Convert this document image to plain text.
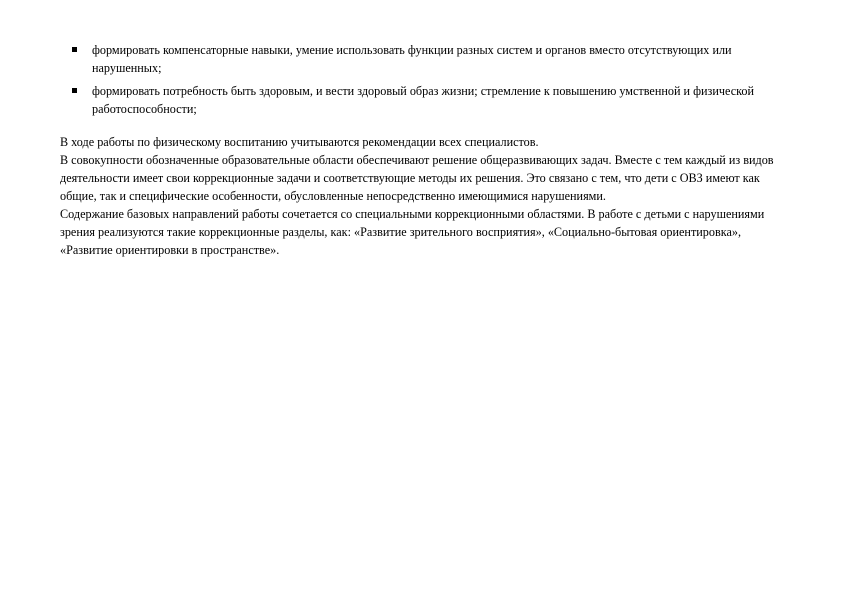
формировать компенсаторные навыки, умение использовать функции разных систем и органов вместо отсутствующих или нарушенных;
формировать потребность быть здоровым, и вести здоровый образ жизни; стремление к повышению умственной и физической работоспособности;

В ходе работы по физическому воспитанию учитываются рекомендации всех специалистов.

В совокупности обозначенные образовательные области обеспечивают решение общеразвивающих задач. Вместе с тем каждый из видов деятельности имеет свои коррекционные задачи и соответствующие методы их решения. Это связано с тем, что дети с ОВЗ имеют как общие, так и специфические особенности, обусловленные непосредственно имеющимися нарушениями.

Содержание базовых направлений работы сочетается со специальными коррекционными областями. В работе с детьми с нарушениями зрения реализуются такие коррекционные разделы, как: «Развитие зрительного восприятия», «Социально-бытовая ориентировка», «Развитие ориентировки в пространстве».
